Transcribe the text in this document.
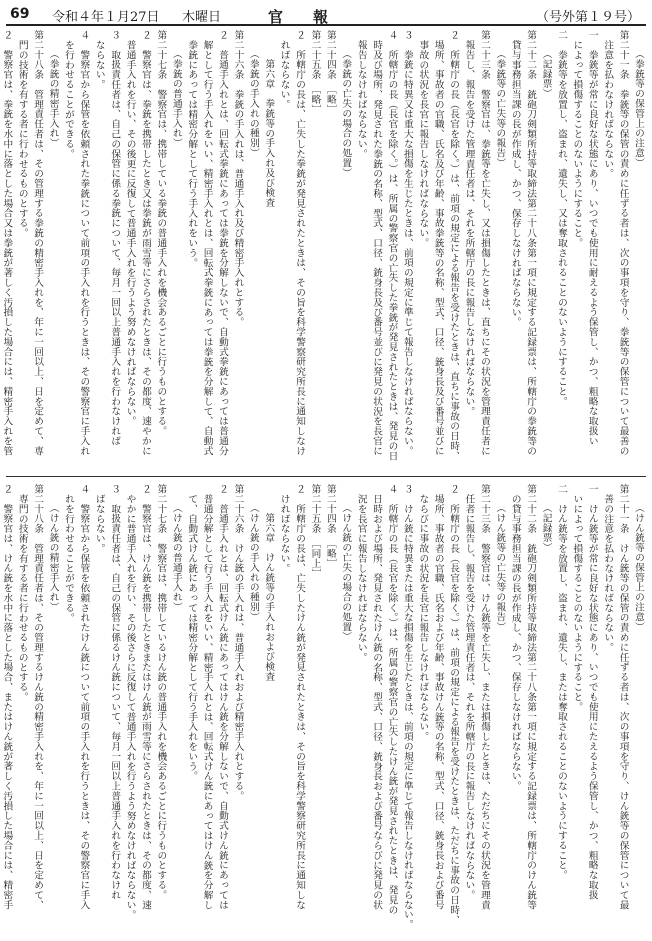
69 令和４年１月27日 木曜日	官報	（号外第１９号）
（拳銃等の保管上の注意）
第二十一条　拳銃等の保管の責めに任ずる者は、次の事項を守り、拳銃等の保管について最善の
注意を払わなければならない。
一　拳銃等が常に良好な状態にあり、いつでも使用に耐えるよう保管し、かつ、粗略な取扱い
によって損傷することのないようにすること。
二　拳銃等を放置し、盗まれ、遺失し、又は奪取されることのないようにすること。
（記録票）
第二十二条　銃砲刀剣類所持等取締法第二十八条第一項に規定する記録票は、所轄庁の拳銃等の
貸与事務担当課の長が作成し、かつ、保存しなければならない。
（拳銃等の亡失等の報告）
第二十三条　警察官は、拳銃等を亡失し、又は損傷したときは、直ちにその状況を管理責任者に
報告し、報告を受けた管理責任者は、それを所轄庁の長に報告しなければならない。
２　所轄庁の長（長官を除く。）は、前項の規定による報告を受けたときは、直ちに事故の日時、
場所、事故者の官職、氏名及び年齢、事故拳銃等の名称、型式、口径、銃身長及び番号並びに
事故の状況を長官に報告しなければならない。
３　拳銃に特異又は重大な損傷を生じたときは、前項の規定に準じて報告しなければならない。
４　所轄庁の長（長官を除く。）は、所属の警察官の亡失した拳銃が発見されたときは、発見の日
時及び場所、発見された拳銃の名称、型式、口径、銃身長及び番号並びに発見の状況を長官に
報告しなければならない。
（拳銃の亡失の場合の処置）
第二十四条　［略］
第二十五条　［略］
２　所轄庁の長は、亡失した拳銃が発見されたときは、その旨を科学警察研究所長に通知しなけ
ればならない。
第六章　拳銃等の手入れ及び検査
（拳銃の手入れの種別）
第二十六条　拳銃の手入れは、普通手入れ及び精密手入れとする。
２　普通手入れとは、回転式拳銃にあっては拳銃を分解しないで、自動式拳銃にあっては普通分
解として行う手入れをいい、精密手入れとは、回転式拳銃にあっては拳銃を分解して、自動式
拳銃にあっては精密分解として行う手入れをいう。
（拳銃の普通手入れ）
第二十七条　警察官は、携帯している拳銃の普通手入れを機会あるごとに行うものとする。
２　警察官は、拳銃を携帯したとき又は拳銃が雨雪等にさらされたときは、その都度、速やかに
普通手入れを行い、その後更に反復して普通手入れを行うよう努めなければならない。
３　取扱責任者は、自己の保管に係る拳銃について、毎月一回以上普通手入れを行わなければ
ならない。
４　警察官から保管を依頼された拳銃について前項の手入れを行うときは、その警察官に手入れ
を行わせることができる。
（拳銃の精密手入れ）
第二十八条　管理責任者は、その管理する拳銃の精密手入れを、年に一回以上、日を定めて、専
門の技術を有する者に行わせるものとする。
２　警察官は、拳銃を水中に落とした場合又は拳銃が著しく汚損した場合には、精密手入れを管
（けん銃等の保管上の注意）
第二十一条　けん銃等の保管の責めに任ずる者は、次の事項を守り、けん銃等の保管について最
善の注意を払わなければならない。
一　けん銃等が常に良好な状態にあり、いつでも使用にたえるよう保管し、かつ、粗略な取扱
いによって損傷することのないようにすること。
二　けん銃等を放置し、盗まれ、遺失し、または奪取されることのないようにすること。
（記録票）
第二十二条　銃砲刀剣類所持等取締法第二十八条第一項に規定する記録票は、所轄庁のけん銃等
の貸与事務担当課の長が作成し、かつ、保存しなければならない。
（けん銃等の亡失等の報告）
第二十三条　警察官は、けん銃等を亡失し、または損傷したときは、ただちにその状況を管理責
任者に報告し、報告を受けた管理責任者は、それを所轄庁の長に報告しなければならない。
２　所轄庁の長（長官を除く。）は、前項の規定による報告を受けたときは、ただちに事故の日時、
場所、事故者の官職、氏名および年齢、事故けん銃等の名称、型式、口径、銃身長および番号
ならびに事故の状況を長官に報告しなければならない。
３　けん銃に特異または重大な損傷を生じたときは、前項の規定に準じて報告しなければならない。
４　所轄庁の長（長官を除く。）は、所属の警察官の亡失したけん銃が発見されたときは、発見の
日時および場所、発見されたけん銃の名称、型式、口径、銃身長および番号ならびに発見の状
況を長官に報告しなければならない。
（けん銃の亡失の場合の処置）
第二十四条　［略］
第二十五条　［同上］
２　所轄庁の長は、亡失したけん銃が発見されたときは、その旨を科学警察研究所長に通知しな
ければならない。
第六章　けん銃等の手入れおよび検査
（けん銃の手入れの種別）
第二十六条　けん銃の手入れは、普通手入れおよび精密手入れとする。
２　普通手入れとは、回転式けん銃にあってはけん銃を分解しないで、自動式けん銃にあっては
普通分解として行う手入れをいい、精密手入れとは、回転式けん銃にあってはけん銃を分解し
て、自動式けん銃にあっては精密分解として行う手入れをいう。
（けん銃の普通手入れ）
第二十七条　警察官は、携帯しているけん銃の普通手入れを機会あるごとに行うものとする。
２　警察官は、けん銃を携帯したときまたはけん銃が雨雪等にさらされたときは、その都度、速
やかに普通手入れを行い、その後さらに反復して普通手入れを行うよう努めなければならない。
３　取扱責任者は、自己の保管に係るけん銃について、毎月一回以上普通手入れを行わなけれ
ばならない。
４　警察官から保管を依頼されたけん銃について前項の手入れを行うときは、その警察官に手入
れを行わせることができる。
（けん銃の精密手入れ）
第二十八条　管理責任者は、その管理するけん銃の精密手入れを、年に一回以上、日を定めて、
専門の技術を有する者に行わせるものとする。
２　警察官は、けん銃を水中に落とした場合、またはけん銃が著しく汚損した場合には、精密手
